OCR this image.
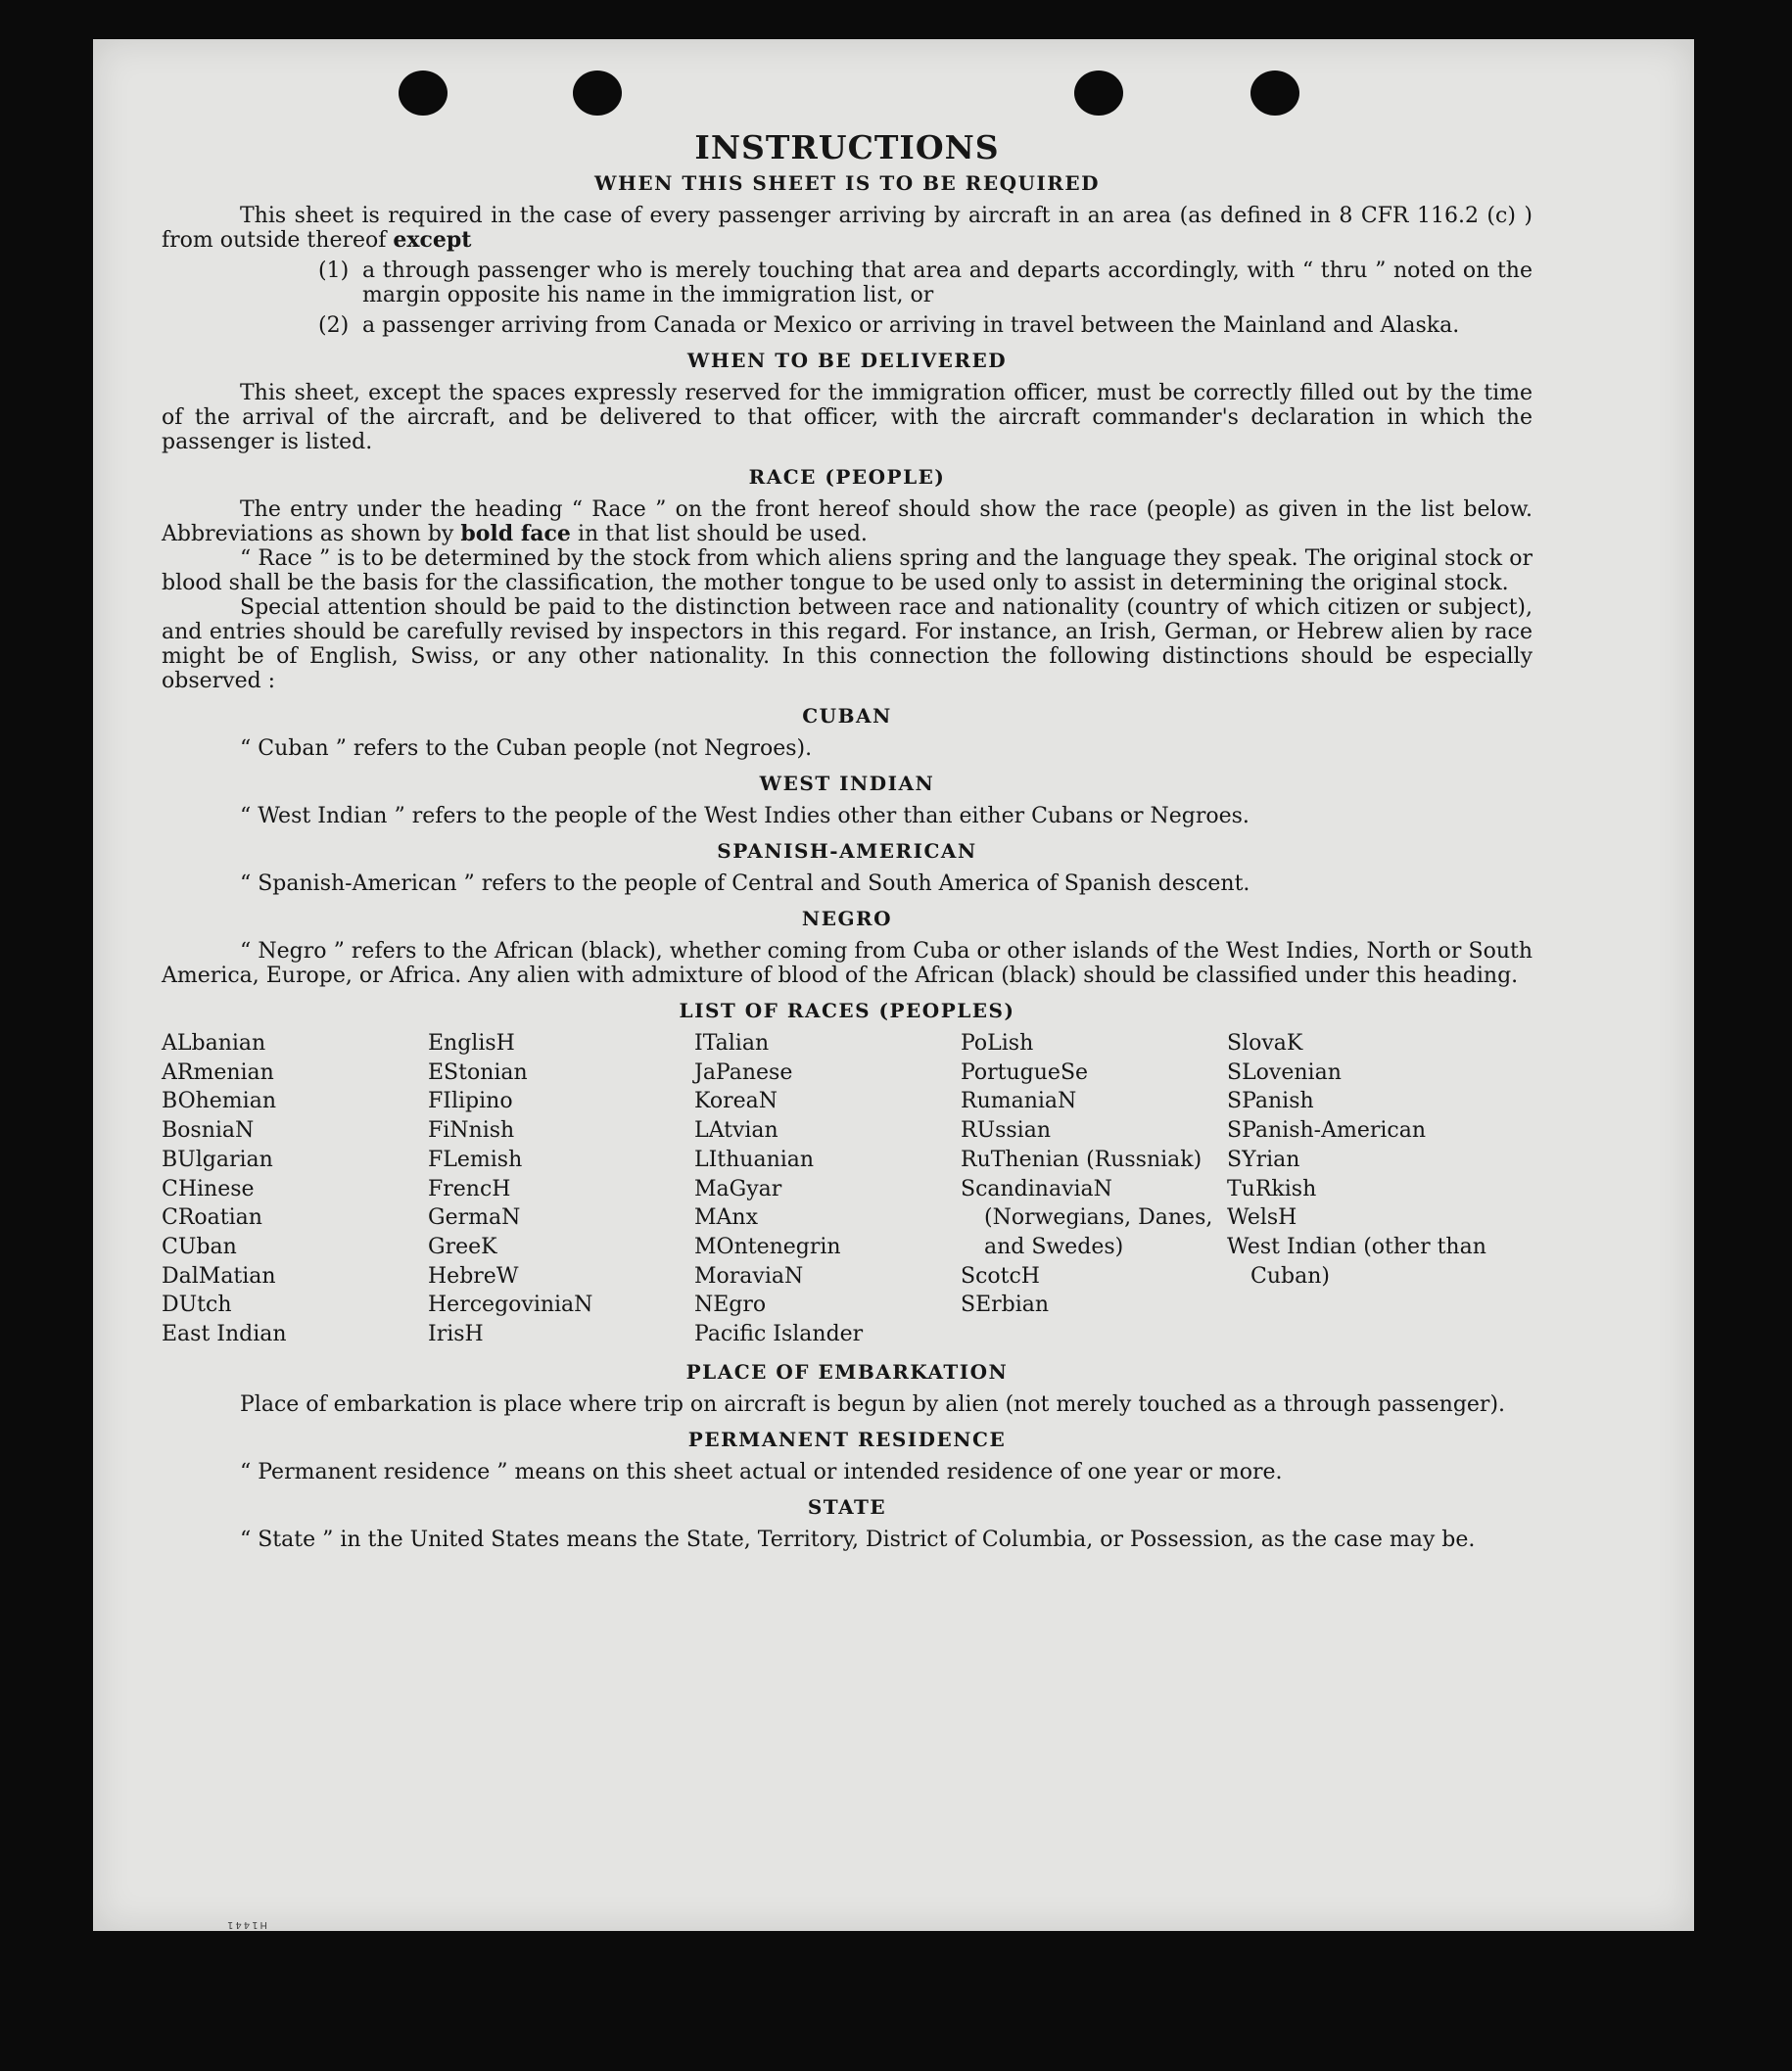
INSTRUCTIONS
WHEN THIS SHEET IS TO BE REQUIRED

This sheet is required in the case of every passenger arriving by aircraft in an area (as defined in 8 CFR 116.2 (c) ) from outside thereof except

(1) a through passenger who is merely touching that area and departs accordingly, with “ thru ” noted on the margin opposite his name in the immigration list, or
(2) a passenger arriving from Canada or Mexico or arriving in travel between the Mainland and Alaska.
WHEN TO BE DELIVERED

This sheet, except the spaces expressly reserved for the immigration officer, must be correctly filled out by the time of the arrival of the aircraft, and be delivered to that officer, with the aircraft commander's declaration in which the passenger is listed.

RACE (PEOPLE)

The entry under the heading “ Race ” on the front hereof should show the race (people) as given in the list below. Abbreviations as shown by bold face in that list should be used.

“ Race ” is to be determined by the stock from which aliens spring and the language they speak. The original stock or blood shall be the basis for the classification, the mother tongue to be used only to assist in determining the original stock.

Special attention should be paid to the distinction between race and nationality (country of which citizen or subject), and entries should be carefully revised by inspectors in this regard. For instance, an Irish, German, or Hebrew alien by race might be of English, Swiss, or any other nationality. In this connection the following distinctions should be especially observed :

CUBAN

“ Cuban ” refers to the Cuban people (not Negroes).

WEST INDIAN

“ West Indian ” refers to the people of the West Indies other than either Cubans or Negroes.

SPANISH-AMERICAN

“ Spanish-American ” refers to the people of Central and South America of Spanish descent.

NEGRO

“ Negro ” refers to the African (black), whether coming from Cuba or other islands of the West Indies, North or South America, Europe, or Africa. Any alien with admixture of blood of the African (black) should be classified under this heading.

LIST OF RACES (PEOPLES)
ALbanian
ARmenian
BOhemian
BosniaN
BUlgarian
CHinese
CRoatian
CUban
DalMatian
DUtch
East Indian
EnglisH
EStonian
FIlipino
FiNnish
FLemish
FrencH
GermaN
GreeK
HebreW
HercegoviniaN
IrisH
ITalian
JaPanese
KoreaN
LAtvian
LIthuanian
MaGyar
MAnx
MOntenegrin
MoraviaN
NEgro
Pacific Islander
PoLish
PortugueSe
RumaniaN
RUssian
RuThenian (Russniak)
ScandinaviaN (Norwegians, Danes, and Swedes)
ScotcH
SErbian
SlovaK
SLovenian
SPanish
SPanish-American
SYrian
TuRkish
WelsH
West Indian (other than Cuban)
PLACE OF EMBARKATION

Place of embarkation is place where trip on aircraft is begun by alien (not merely touched as a through passenger).

PERMANENT RESIDENCE

“ Permanent residence ” means on this sheet actual or intended residence of one year or more.

STATE

“ State ” in the United States means the State, Territory, District of Columbia, or Possession, as the case may be.

H1441
